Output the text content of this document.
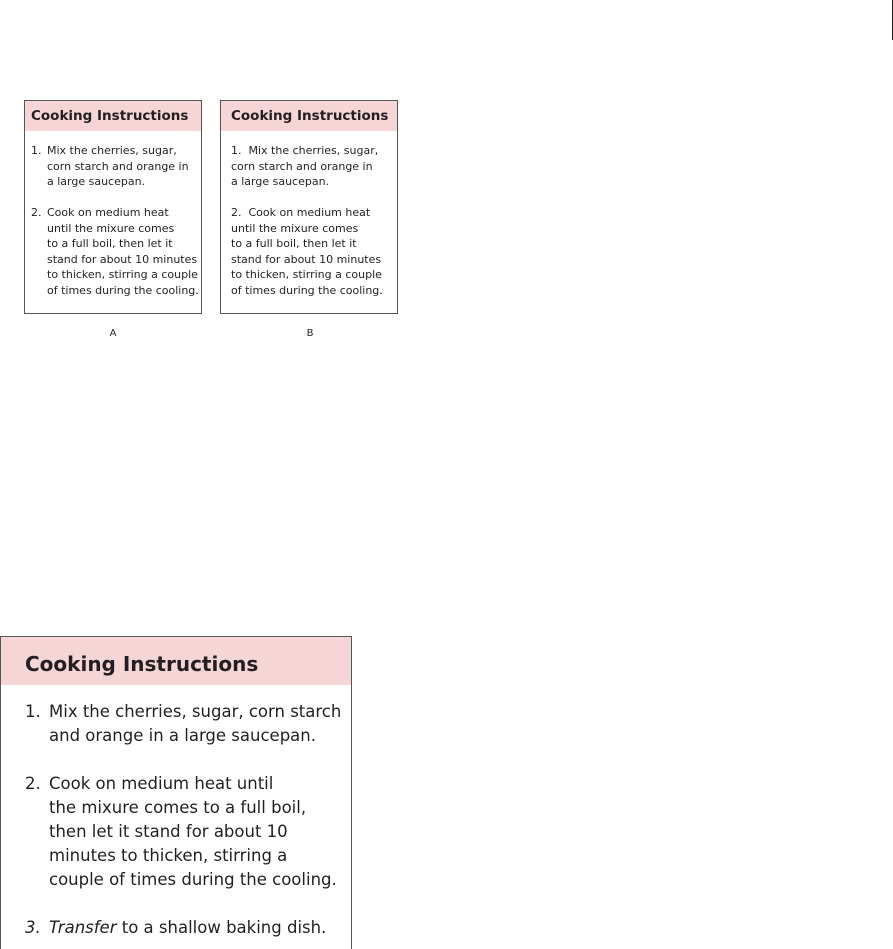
Cooking Instructions
1. Mix the cherries, sugar,
corn starch and orange in
a large saucepan.
2. Cook on medium heat
until the mixure comes
to a full boil, then let it
stand for about 10 minutes
to thicken, stirring a couple
of times during the cooling.
A
Cooking Instructions
1.  Mix the cherries, sugar,
corn starch and orange in
a large saucepan.
2.  Cook on medium heat
until the mixure comes
to a full boil, then let it
stand for about 10 minutes
to thicken, stirring a couple
of times during the cooling.
B
Cooking Instructions
1. Mix the cherries, sugar, corn starch
and orange in a large saucepan.
2. Cook on medium heat until
the mixure comes to a full boil,
then let it stand for about 10
minutes to thicken, stirring a
couple of times during the cooling.
3. Transfer to a shallow baking dish.
